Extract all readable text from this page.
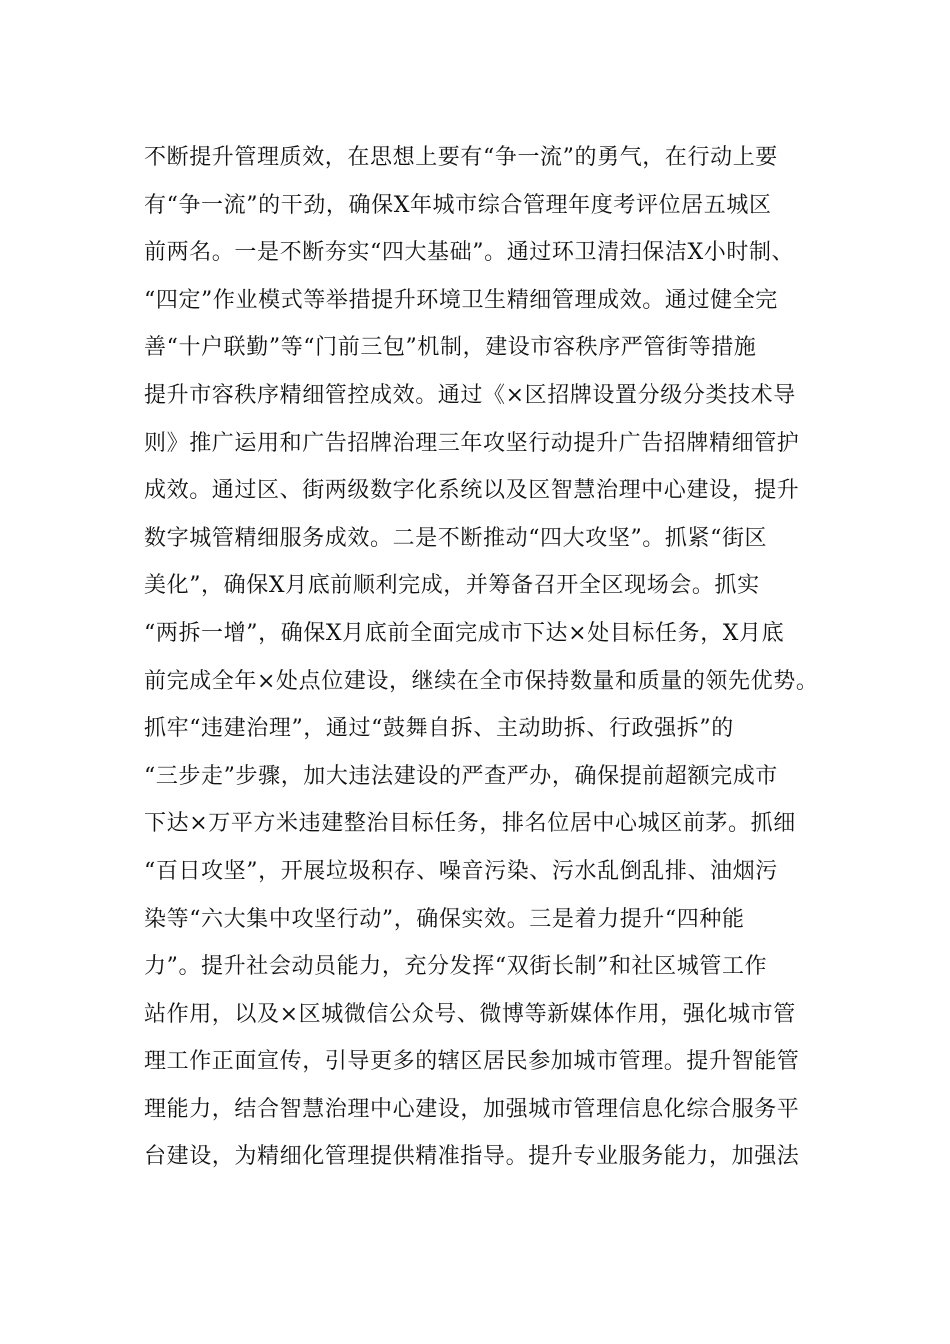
不断提升管理质效，在思想上要有“争一流”的勇气，在行动上要
有“争一流”的干劲，确保X年城市综合管理年度考评位居五城区
前两名。一是不断夯实“四大基础”。通过环卫清扫保洁X小时制、
“四定”作业模式等举措提升环境卫生精细管理成效。通过健全完
善“十户联勤”等“门前三包”机制，建设市容秩序严管街等措施
提升市容秩序精细管控成效。通过《×区招牌设置分级分类技术导
则》推广运用和广告招牌治理三年攻坚行动提升广告招牌精细管护
成效。通过区、街两级数字化系统以及区智慧治理中心建设，提升
数字城管精细服务成效。二是不断推动“四大攻坚”。抓紧“街区
美化”，确保X月底前顺利完成，并筹备召开全区现场会。抓实
“两拆一增”，确保X月底前全面完成市下达×处目标任务，X月底
前完成全年×处点位建设，继续在全市保持数量和质量的领先优势。
抓牢“违建治理”，通过“鼓舞自拆、主动助拆、行政强拆”的
“三步走”步骤，加大违法建设的严查严办，确保提前超额完成市
下达×万平方米违建整治目标任务，排名位居中心城区前茅。抓细
“百日攻坚”，开展垃圾积存、噪音污染、污水乱倒乱排、油烟污
染等“六大集中攻坚行动”，确保实效。三是着力提升“四种能
力”。提升社会动员能力，充分发挥“双街长制”和社区城管工作
站作用，以及×区城微信公众号、微博等新媒体作用，强化城市管
理工作正面宣传，引导更多的辖区居民参加城市管理。提升智能管
理能力，结合智慧治理中心建设，加强城市管理信息化综合服务平
台建设，为精细化管理提供精准指导。提升专业服务能力，加强法
